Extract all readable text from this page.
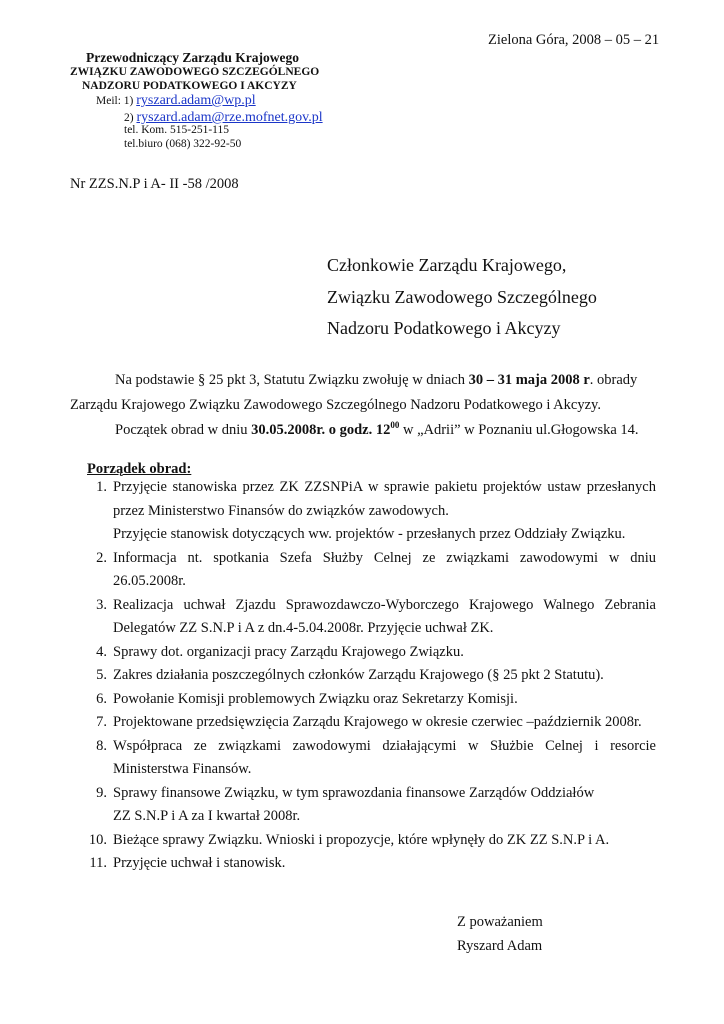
Zielona Góra, 2008 – 05 – 21
Przewodniczący Zarządu Krajowego
ZWIĄZKU ZAWODOWEGO SZCZEGÓLNEGO
NADZORU PODATKOWEGO I AKCYZY
Meil: 1) ryszard.adam@wp.pl
2) ryszard.adam@rze.mofnet.gov.pl
tel. Kom. 515-251-115
tel.biuro (068) 322-92-50
Nr ZZS.N.P i A- II -58 /2008
Członkowie Zarządu Krajowego,
Związku Zawodowego Szczególnego
Nadzoru Podatkowego i Akcyzy
Na podstawie § 25 pkt 3, Statutu Związku zwołuję w dniach 30 – 31 maja 2008 r. obrady
Zarządu Krajowego Związku Zawodowego Szczególnego Nadzoru Podatkowego i Akcyzy.
Początek obrad w dniu 30.05.2008r. o godz. $12^{00}$ w „Adrii” w Poznaniu ul.Głogowska 14.
Porządek obrad:
1. Przyjęcie stanowiska przez ZK ZZSNPiA w sprawie pakietu projektów ustaw przesłanych
przez Ministerstwo Finansów do związków zawodowych.
Przyjęcie stanowisk dotyczących ww. projektów - przesłanych przez Oddziały Związku.
2. Informacja nt. spotkania Szefa Służby Celnej ze związkami zawodowymi w dniu
26.05.2008r.
3. Realizacja uchwał Zjazdu Sprawozdawczo-Wyborczego Krajowego Walnego Zebrania
Delegatów ZZ S.N.P i A z dn.4-5.04.2008r. Przyjęcie uchwał ZK.
4. Sprawy dot. organizacji pracy Zarządu Krajowego Związku.
5. Zakres działania poszczególnych członków Zarządu Krajowego (§ 25 pkt 2 Statutu).
6. Powołanie Komisji problemowych Związku oraz Sekretarzy Komisji.
7. Projektowane przedsięwzięcia Zarządu Krajowego w okresie czerwiec –październik 2008r.
8. Współpraca ze związkami zawodowymi działającymi w Służbie Celnej i resorcie
Ministerstwa Finansów.
9. Sprawy finansowe Związku, w tym sprawozdania finansowe Zarządów Oddziałów
ZZ S.N.P i A za I kwartał 2008r.
10. Bieżące sprawy Związku. Wnioski i propozycje, które wpłynęły do ZK ZZ S.N.P i A.
11. Przyjęcie uchwał i stanowisk.
Z poważaniem
Ryszard Adam
